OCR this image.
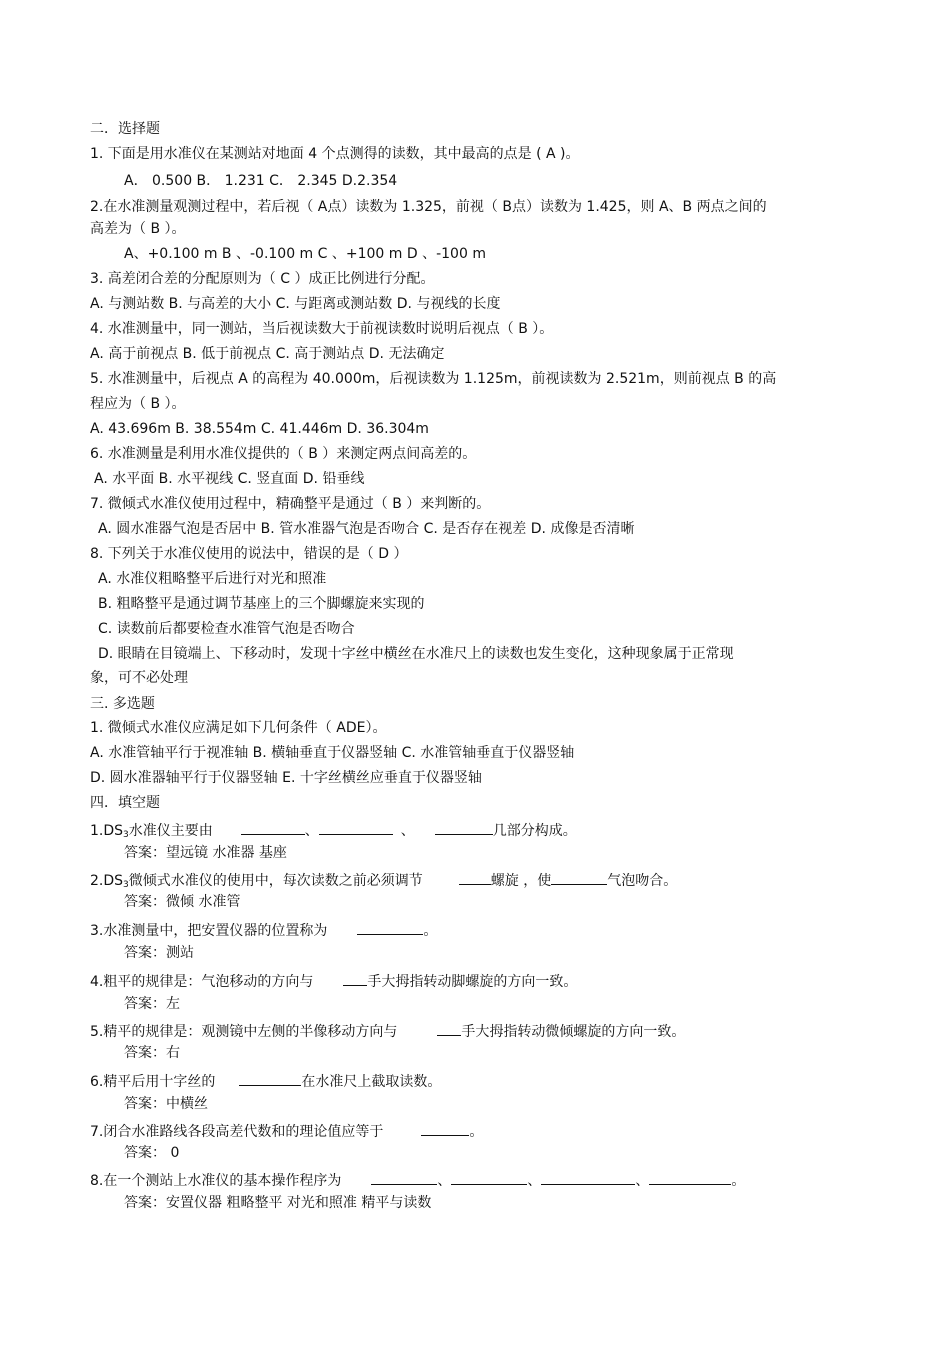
二．选择题
1. 下面是用水准仪在某测站对地面 4 个点测得的读数，其中最高的点是 ( A )。
A． 0.500 B． 1.231 C． 2.345 D.2.354
2.在水准测量观测过程中，若后视（ A点）读数为 1.325，前视（ B点）读数为 1.425，则 A、B 两点之间的
高差为（ B ）。
A、+0.100 m B 、-0.100 m C 、+100 m D 、-100 m
3. 高差闭合差的分配原则为（ C ）成正比例进行分配。
A. 与测站数 B. 与高差的大小 C. 与距离或测站数 D. 与视线的长度
4. 水准测量中，同一测站，当后视读数大于前视读数时说明后视点（ B ）。
A. 高于前视点 B. 低于前视点 C. 高于测站点 D. 无法确定
5. 水准测量中，后视点 A 的高程为 40.000m，后视读数为 1.125m，前视读数为 2.521m，则前视点 B 的高
程应为（ B ）。
A. 43.696m B. 38.554m C. 41.446m D. 36.304m
6. 水准测量是利用水准仪提供的（ B ）来测定两点间高差的。
A. 水平面 B. 水平视线 C. 竖直面 D. 铅垂线
7. 微倾式水准仪使用过程中，精确整平是通过（ B ）来判断的。
A. 圆水准器气泡是否居中 B. 管水准器气泡是否吻合 C. 是否存在视差 D. 成像是否清晰
8. 下列关于水准仪使用的说法中，错误的是（ D ）
A. 水准仪粗略整平后进行对光和照准
B. 粗略整平是通过调节基座上的三个脚螺旋来实现的
C. 读数前后都要检查水准管气泡是否吻合
D. 眼睛在目镜端上、下移动时，发现十字丝中横丝在水准尺上的读数也发生变化，这种现象属于正常现
象，可不必处理
三. 多选题
1. 微倾式水准仪应满足如下几何条件（ ADE）。
A. 水准管轴平行于视准轴 B. 横轴垂直于仪器竖轴 C. 水准管轴垂直于仪器竖轴
D. 圆水准器轴平行于仪器竖轴 E. 十字丝横丝应垂直于仪器竖轴
四．填空题
$1.DS_3$水准仪主要由	、	、	几部分构成。
答案：望远镜 水准器 基座
$2.DS_3$微倾式水准仪的使用中，每次读数之前必须调节	螺旋 ，使	气泡吻合。
答案：微倾 水准管
3.水准测量中，把安置仪器的位置称为	。
答案：测站
4.粗平的规律是：气泡移动的方向与	手大拇指转动脚螺旋的方向一致。
答案：左
5.精平的规律是：观测镜中左侧的半像移动方向与	手大拇指转动微倾螺旋的方向一致。
答案：右
6.精平后用十字丝的	在水准尺上截取读数。
答案：中横丝
7.闭合水准路线各段高差代数和的理论值应等于	。
答案： 0
8.在一个测站上水准仪的基本操作程序为	、	、	、	。
答案：安置仪器 粗略整平 对光和照准 精平与读数
